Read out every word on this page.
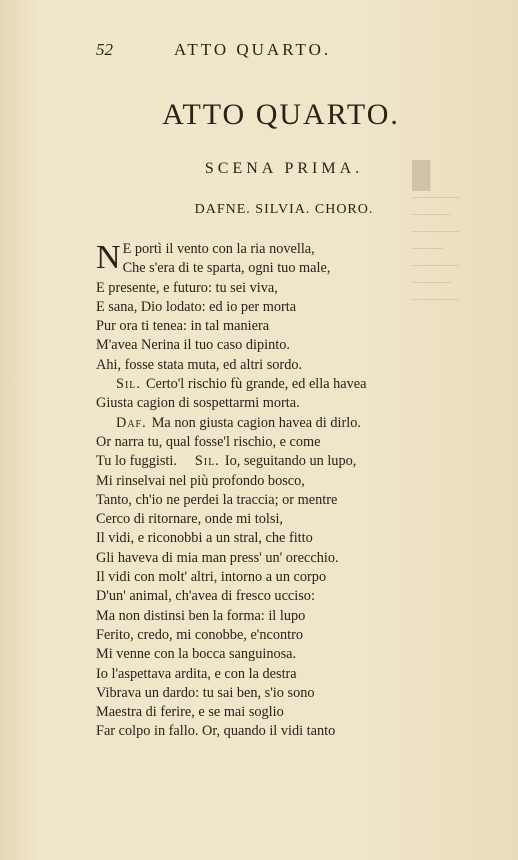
52	ATTO QUARTO.
ATTO QUARTO.
SCENA PRIMA.
DAFNE. SILVIA. CHORO.
█
──────
─────
──────
────
──────
─────
──────
N E portì il vento con la ria novella,
Che s'era di te sparta, ogni tuo male,
E presente, e futuro: tu sei viva,
E sana, Dio lodato: ed io per morta
Pur ora ti tenea: in tal maniera
M'avea Nerina il tuo caso dipinto.
Ahi, fosse stata muta, ed altri sordo.
Sil. Certo'l rischio fù grande, ed ella havea
Giusta cagion di sospettarmi morta.
Daf. Ma non giusta cagion havea di dirlo.
Or narra tu, qual fosse'l rischio, e come
Tu lo fuggisti. Sil. Io, seguitando un lupo,
Mi rinselvai nel più profondo bosco,
Tanto, ch'io ne perdei la traccia; or mentre
Cerco di ritornare, onde mi tolsi,
Il vidi, e riconobbi a un stral, che fitto
Gli haveva di mia man press' un' orecchio.
Il vidi con molt' altri, intorno a un corpo
D'un' animal, ch'avea di fresco ucciso:
Ma non distinsi ben la forma: il lupo
Ferito, credo, mi conobbe, e'ncontro
Mi venne con la bocca sanguinosa.
Io l'aspettava ardita, e con la destra
Vibrava un dardo: tu sai ben, s'io sono
Maestra di ferire, e se mai soglio
Far colpo in fallo. Or, quando il vidi tanto
